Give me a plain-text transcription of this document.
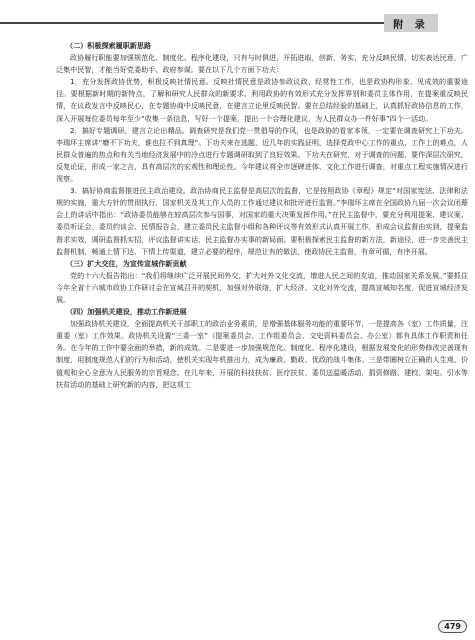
附 录

（二）积极探索履职新思路

政协履行职能要加强规范化、制度化、程序化建设，只有与时俱进，开拓进取，创新，务实，充分反映民情，切实表达民意，广泛集中民智，才能当好党委助手、政府参谋。要在以下几个方面下功夫：

1．充分发挥政协优势，积极反映社情民意。反映社情民意是政协参政议政、经常性工作，也是政协构形象、见成效的重要途径。要根据新时期的新特点，了解和研究人民群众的新要求，利用政协的有效形式充分发挥界别和委员主体作用，在提案重反映民情，在议政发言中反映民心，在专题协商中反映民意，在建言立论里反映民智。要在总结经验的基础上，认真抓好政协信息的工作，深入开展每位委员每年至少“收集一条信息，写好一个提案，提出一个合理化建议，为人民群众办一件好事”四个一活动。

2．搞好专题调研，建言立论出精品。调查研究是我们党一贯倡导的作风，也是政协的看家本领，一定要在调查研究上下功夫。李瑞环主席讲“磨不下功夫，谁也拉不到真理”。下功夫来在选题，近几年的实践证明，选择党政中心工作的重点、工作上的难点，人民群众普遍的热点和有关当地经济发展中的冷点进行专题调研取到了良好效果。下功夫在研究，对于调查的问题，要作深层次研究，反复论证，形成一家之言，具有高层次的宏观性和理论性。今年建议将全市逐碑进体、文化工作进行调查，对重点工程实施情况进行视察。

3．搞好协商监督推进民主政治建设。政治协商民主监督是高层次的监督，它是按照政协《章程》规定“对国家宪法、法律和法规的实施，重大方针的贯彻执行，国家机关及其工作人员的工作通过建议和批评进行监督。”李瑞环主席在全国政协九届一次会议闭幕会上的讲话中指出：“政协委员能够在较高层次参与国事，对国家的重大决策发挥作用。”在民主监督中，要充分利用提案、建议案、委员听证会、委员约谈会、民情报告会，建立委员民主监督小组和各种评议等有效形式认真开展工作，形成会议监督由实到，提案监督求实效，调研监督抓实招，评议监督讲实话，民主监督办实事的新局面。要积极探索民主监督的新方法，新途径，进一步完善民主监督机制，畅通上情下达、下情上传渠道，建立必要的程序，规范让有的做法，使政协民主监督，有章可循，有序开展。

（三）扩大交往，为宣传宣城作新贡献

党的十六大报告指出：“我们将继续广泛开展民间外交，扩大对外文化交流，增进人民之间的友谊，推动国家关系发展。”要抓住今年全省十六城市政协工作研讨会在宣城召开的契机，加强对外联络，扩大经济、文化对外交流，提高宣城知名度，促进宣城经济发展。

（四）加强机关建设，推动工作新进展

加强政协机关建设，全面提高机关干部职工的政治业务素质，是增强基体服务功能的重要环节，一是提高各（室）工作质量，注重委（室）工作效果。政协机关设置“三委一室”（提案委员会、工作组委员会、文史资料委员会、办公室）都有具体工作职责和任务。在今年的工作中要全面的举措，新的成效。二是要进一步加强规范化、制度化、程序化建设，根据发展变化的形势修改完善现有制度，用制度规范人们的行为和活动，使机关实现年机推出力，成为廉政、勤政、优政的战斗集体。三是带圈树立正确的人生观、价值观和全心全意为人民服务的宗旨观念。在几年来，开展的科技扶贫、医疗扶贫、委员送温暖活动，捐资修路、建校、架电、引水等扶贫活动的基础上研究新的内容，把这项工

479
